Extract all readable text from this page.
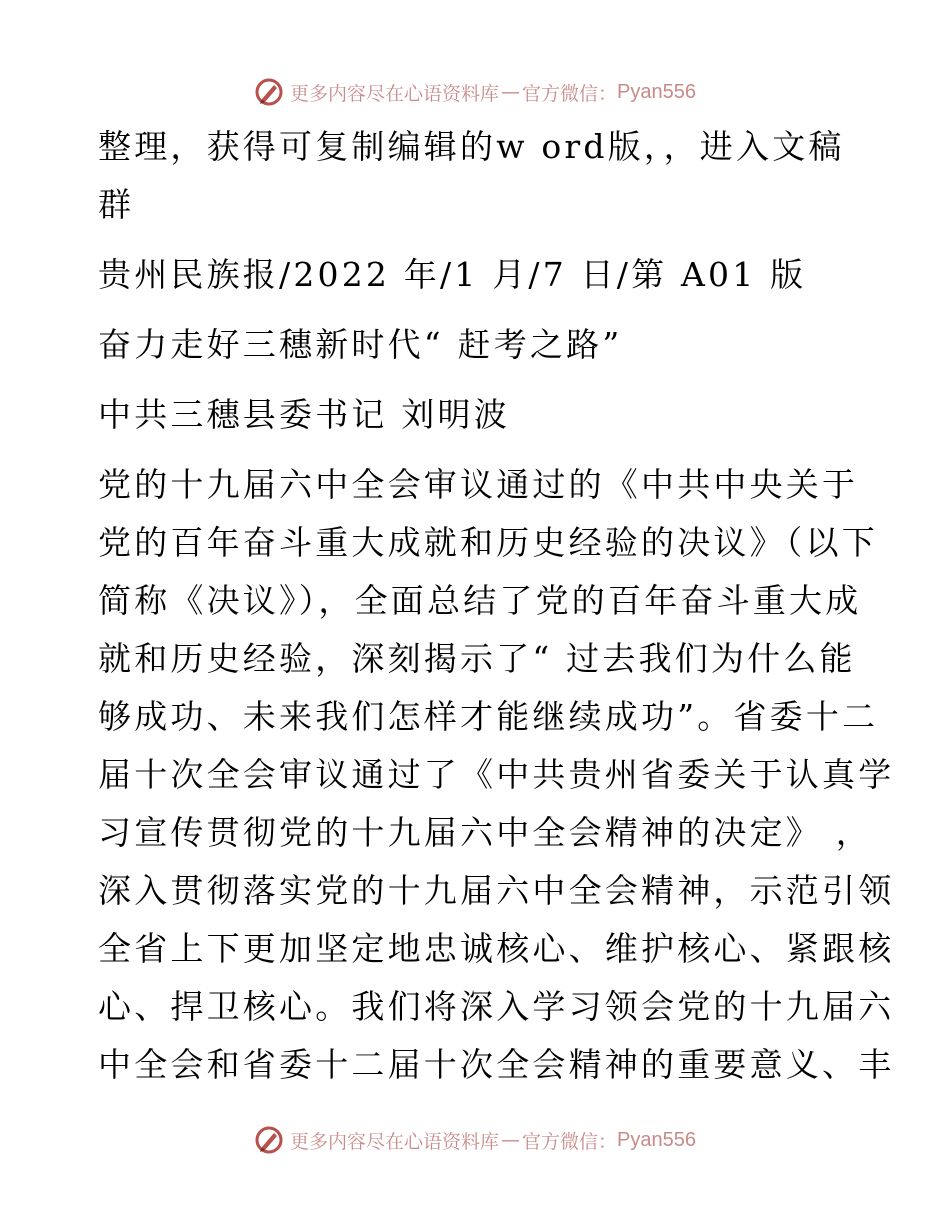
更多内容尽在心语资料库 — 官方微信： Pyan556
整理，获得可复制编辑的w ord版，，进入文稿
群
贵州民族报/2022 年/1 月/7 日/第 A01 版
奋力走好三穗新时代“ 赶考之路”
中共三穗县委书记 刘明波
党的十九届六中全会审议通过的《中共中央关于
党的百年奋斗重大成就和历史经验的决议》（以下
简称《决议》），全面总结了党的百年奋斗重大成
就和历史经验，深刻揭示了“ 过去我们为什么能
够成功、未来我们怎样才能继续成功”。省委十二
届十次全会审议通过了《中共贵州省委关于认真学
习宣传贯彻党的十九届六中全会精神的决定》 ，
深入贯彻落实党的十九届六中全会精神，示范引领
全省上下更加坚定地忠诚核心、维护核心、紧跟核
心、捍卫核心。我们将深入学习领会党的十九届六
中全会和省委十二届十次全会精神的重要意义、丰
更多内容尽在心语资料库 — 官方微信： Pyan556
